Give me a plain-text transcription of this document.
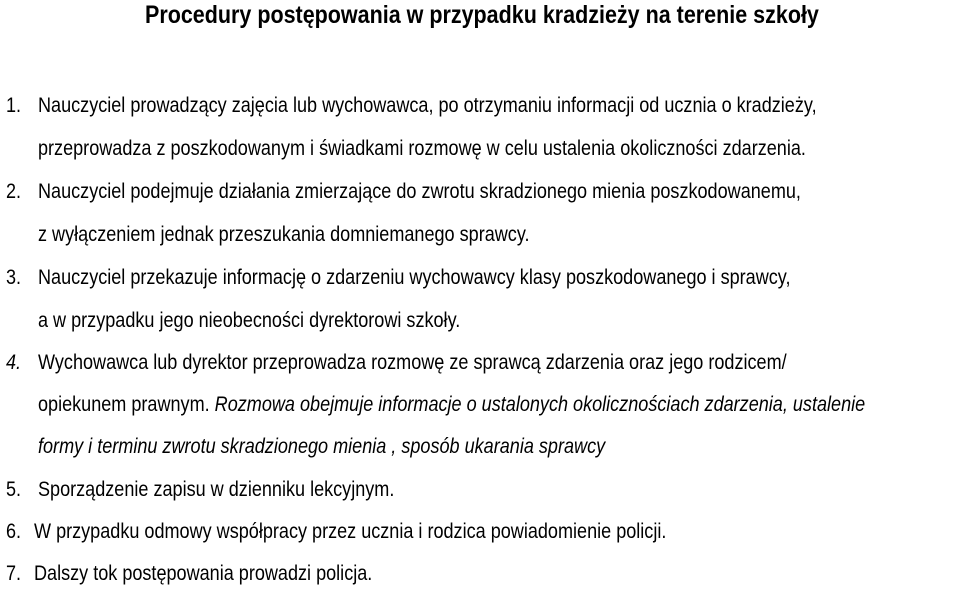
Procedury postępowania w przypadku kradzieży na terenie szkoły
1. Nauczyciel prowadzący zajęcia lub wychowawca, po otrzymaniu informacji od ucznia o kradzieży,
przeprowadza z poszkodowanym i świadkami rozmowę w celu ustalenia okoliczności zdarzenia.
2. Nauczyciel podejmuje działania zmierzające do zwrotu skradzionego mienia poszkodowanemu,
z wyłączeniem jednak przeszukania domniemanego sprawcy.
3. Nauczyciel przekazuje informację o zdarzeniu wychowawcy klasy poszkodowanego i sprawcy,
a w przypadku jego nieobecności dyrektorowi szkoły.
4. Wychowawca lub dyrektor przeprowadza rozmowę ze sprawcą zdarzenia oraz jego rodzicem/
opiekunem prawnym. Rozmowa obejmuje informacje o ustalonych okolicznościach zdarzenia, ustalenie
formy i terminu zwrotu skradzionego mienia , sposób ukarania sprawcy
5. Sporządzenie zapisu w dzienniku lekcyjnym.
6. W przypadku odmowy współpracy przez ucznia i rodzica powiadomienie policji.
7. Dalszy tok postępowania prowadzi policja.
